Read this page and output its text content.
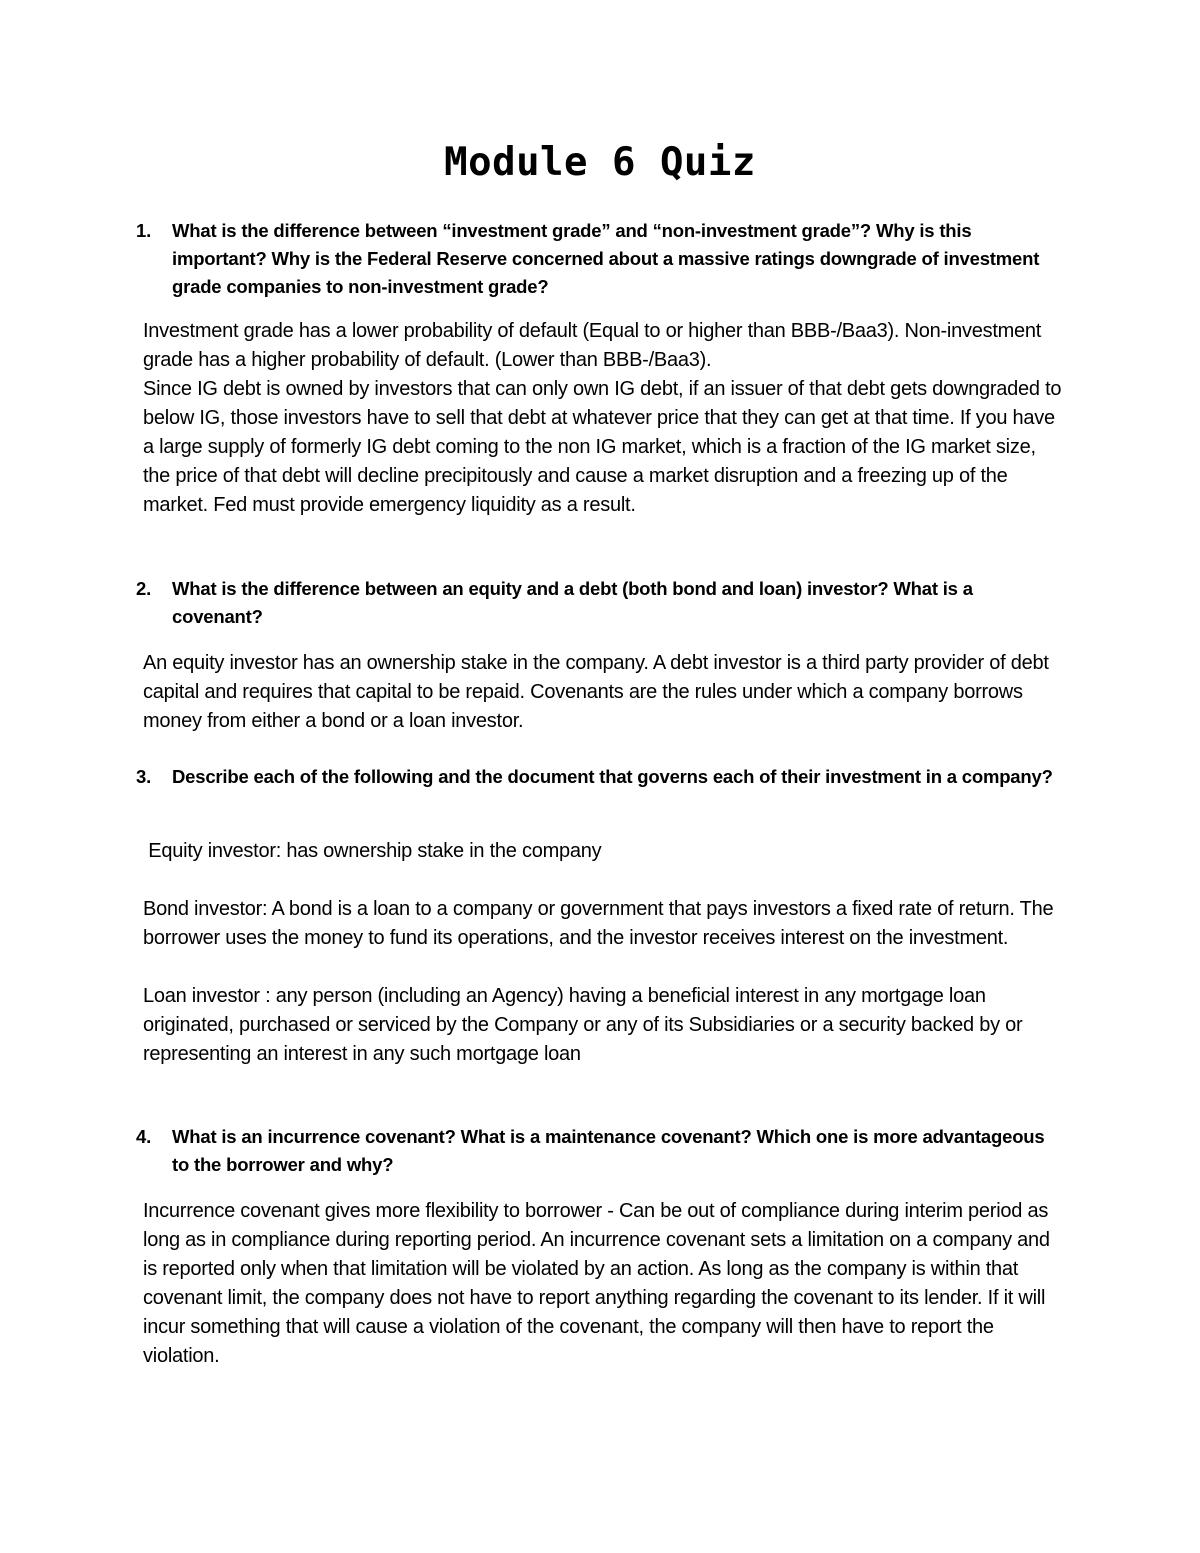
Module 6 Quiz
1. What is the difference between “investment grade” and “non-investment grade”? Why is this important? Why is the Federal Reserve concerned about a massive ratings downgrade of investment grade companies to non-investment grade?
Investment grade has a lower probability of default (Equal to or higher than BBB-/Baa3). Non-investment grade has a higher probability of default. (Lower than BBB-/Baa3).
Since IG debt is owned by investors that can only own IG debt, if an issuer of that debt gets downgraded to below IG, those investors have to sell that debt at whatever price that they can get at that time. If you have a large supply of formerly IG debt coming to the non IG market, which is a fraction of the IG market size, the price of that debt will decline precipitously and cause a market disruption and a freezing up of the market. Fed must provide emergency liquidity as a result.
2. What is the difference between an equity and a debt (both bond and loan) investor? What is a covenant?
An equity investor has an ownership stake in the company. A debt investor is a third party provider of debt capital and requires that capital to be repaid. Covenants are the rules under which a company borrows money from either a bond or a loan investor.
3. Describe each of the following and the document that governs each of their investment in a company?
Equity investor: has ownership stake in the company
Bond investor: A bond is a loan to a company or government that pays investors a fixed rate of return. The borrower uses the money to fund its operations, and the investor receives interest on the investment.
Loan investor : any person (including an Agency) having a beneficial interest in any mortgage loan originated, purchased or serviced by the Company or any of its Subsidiaries or a security backed by or representing an interest in any such mortgage loan
4. What is an incurrence covenant? What is a maintenance covenant? Which one is more advantageous to the borrower and why?
Incurrence covenant gives more flexibility to borrower - Can be out of compliance during interim period as long as in compliance during reporting period. An incurrence covenant sets a limitation on a company and is reported only when that limitation will be violated by an action. As long as the company is within that covenant limit, the company does not have to report anything regarding the covenant to its lender. If it will incur something that will cause a violation of the covenant, the company will then have to report the violation.
